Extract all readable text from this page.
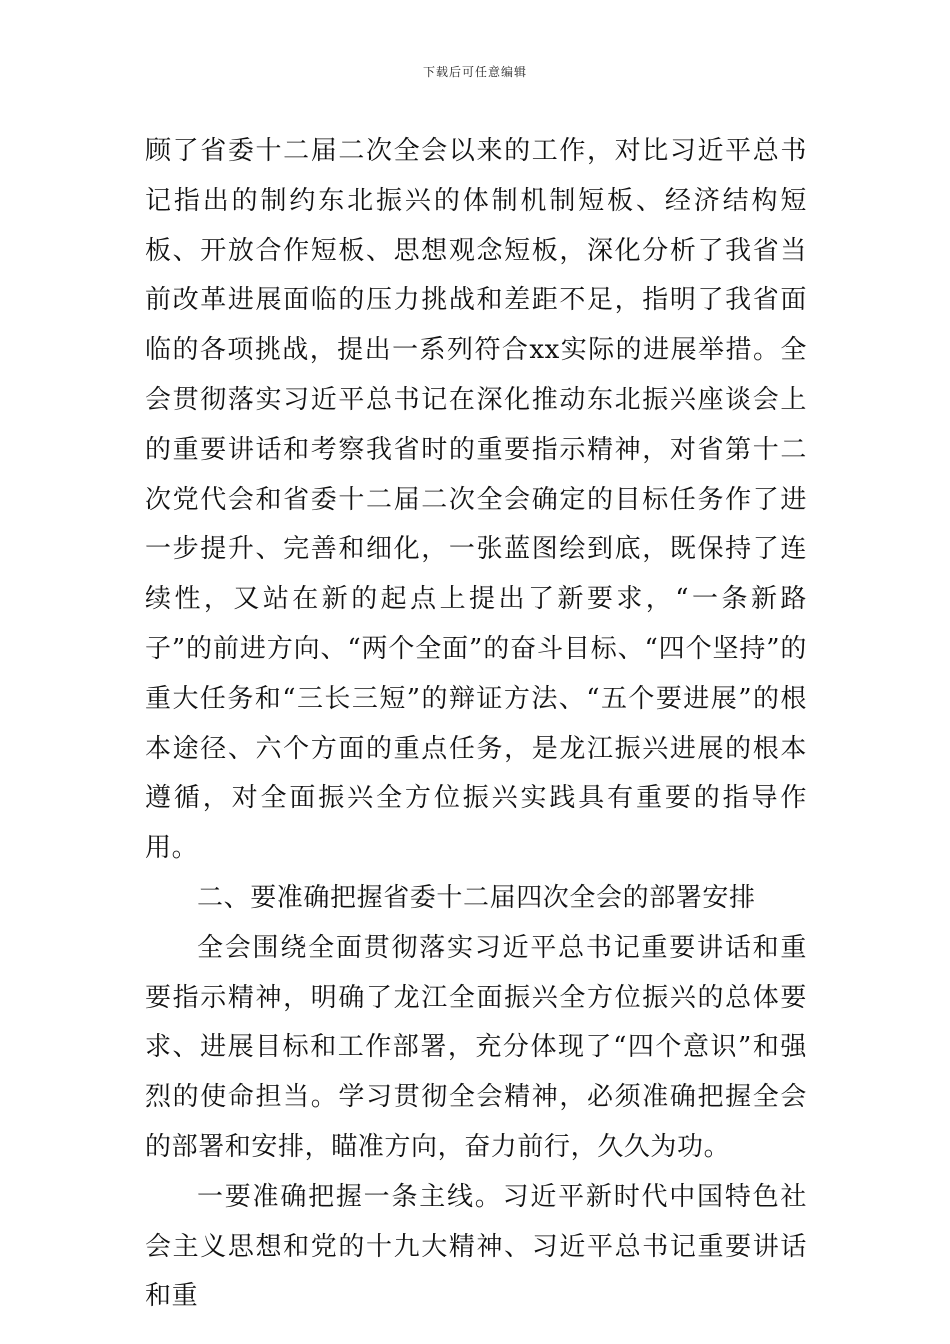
下载后可任意编辑

顾了省委十二届二次全会以来的工作，对比习近平总书记指出的制约东北振兴的体制机制短板、经济结构短板、开放合作短板、思想观念短板，深化分析了我省当前改革进展面临的压力挑战和差距不足，指明了我省面临的各项挑战，提出一系列符合xx实际的进展举措。全会贯彻落实习近平总书记在深化推动东北振兴座谈会上的重要讲话和考察我省时的重要指示精神，对省第十二次党代会和省委十二届二次全会确定的目标任务作了进一步提升、完善和细化，一张蓝图绘到底，既保持了连续性，又站在新的起点上提出了新要求，“一条新路子”的前进方向、“两个全面”的奋斗目标、“四个坚持”的重大任务和“三长三短”的辩证方法、“五个要进展”的根本途径、六个方面的重点任务，是龙江振兴进展的根本遵循，对全面振兴全方位振兴实践具有重要的指导作用。

二、要准确把握省委十二届四次全会的部署安排

全会围绕全面贯彻落实习近平总书记重要讲话和重要指示精神，明确了龙江全面振兴全方位振兴的总体要求、进展目标和工作部署，充分体现了“四个意识”和强烈的使命担当。学习贯彻全会精神，必须准确把握全会的部署和安排，瞄准方向，奋力前行，久久为功。

一要准确把握一条主线。习近平新时代中国特色社会主义思想和党的十九大精神、习近平总书记重要讲话和重
